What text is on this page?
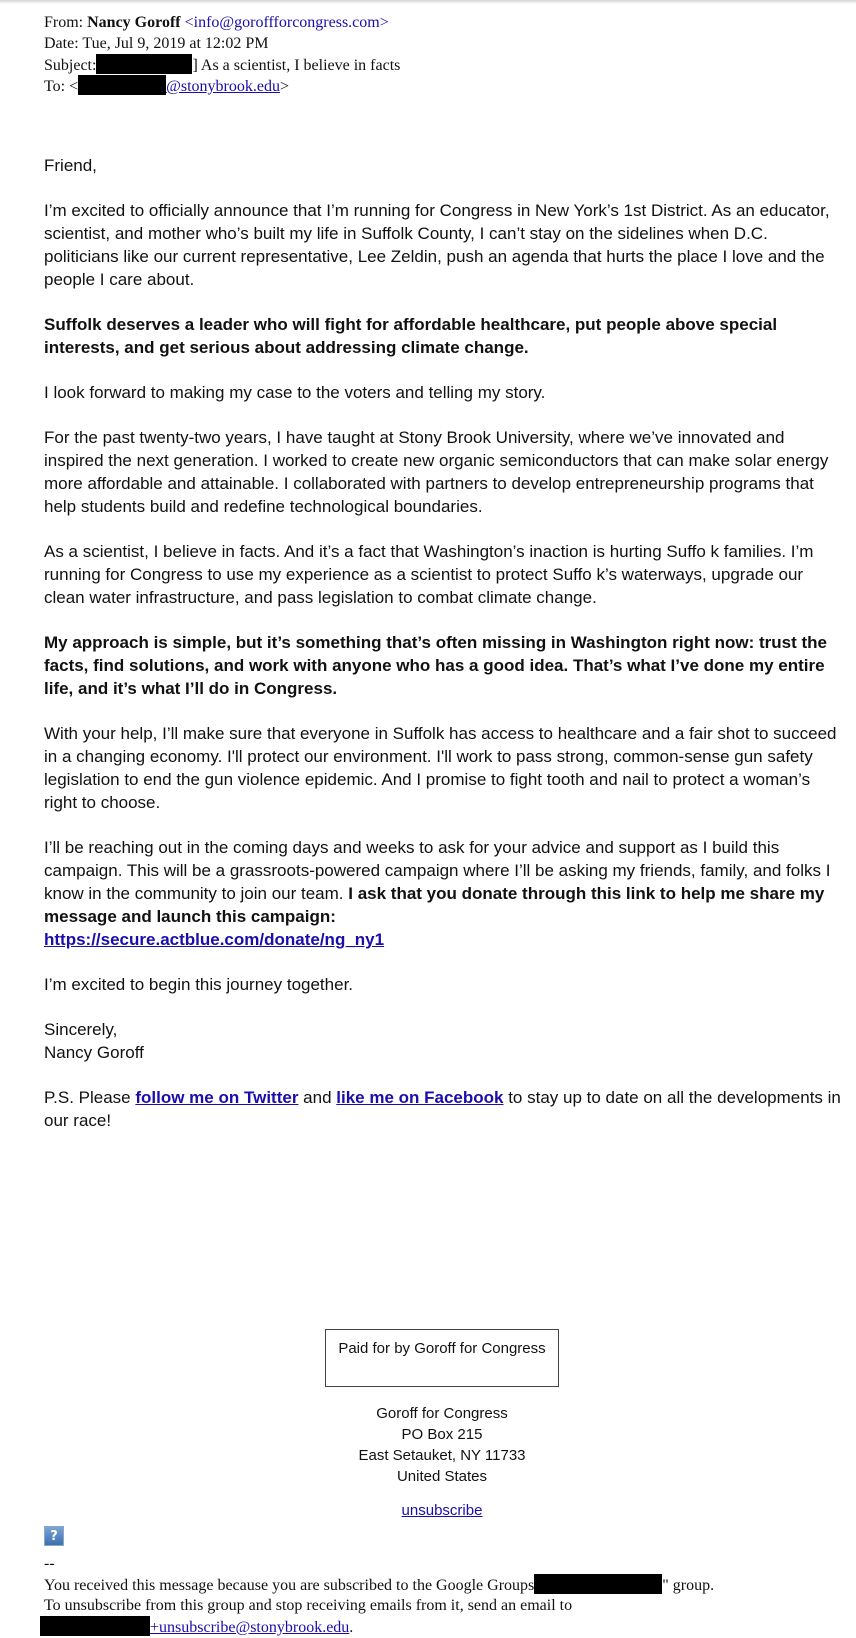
From: Nancy Goroff <info@goroffforcongress.com>
Date: Tue, Jul 9, 2019 at 12:02 PM
Subject:	] As a scientist, I believe in facts
To: <	@stonybrook.edu>

Friend,

I’m excited to officially announce that I’m running for Congress in New York’s 1st District. As an educator, scientist, and mother who’s built my life in Suffolk County, I can’t stay on the sidelines when D.C. politicians like our current representative, Lee Zeldin, push an agenda that hurts the place I love and the people I care about.

Suffolk deserves a leader who will fight for affordable healthcare, put people above special interests, and get serious about addressing climate change.

I look forward to making my case to the voters and telling my story.

For the past twenty-two years, I have taught at Stony Brook University, where we’ve innovated and inspired the next generation. I worked to create new organic semiconductors that can make solar energy more affordable and attainable. I collaborated with partners to develop entrepreneurship programs that help students build and redefine technological boundaries.

As a scientist, I believe in facts. And it’s a fact that Washington’s inaction is hurting Suffo k families. I’m running for Congress to use my experience as a scientist to protect Suffo k’s waterways, upgrade our clean water infrastructure, and pass legislation to combat climate change.

My approach is simple, but it’s something that’s often missing in Washington right now: trust the facts, find solutions, and work with anyone who has a good idea. That’s what I’ve done my entire life, and it’s what I’ll do in Congress.

With your help, I’ll make sure that everyone in Suffolk has access to healthcare and a fair shot to succeed in a changing economy. I'll protect our environment. I'll work to pass strong, common-sense gun safety legislation to end the gun violence epidemic. And I promise to fight tooth and nail to protect a woman’s right to choose.

I’ll be reaching out in the coming days and weeks to ask for your advice and support as I build this campaign. This will be a grassroots-powered campaign where I’ll be asking my friends, family, and folks I know in the community to join our team. I ask that you donate through this link to help me share my message and launch this campaign:
https://secure.actblue.com/donate/ng_ny1

I’m excited to begin this journey together.

Sincerely,
Nancy Goroff

P.S. Please follow me on Twitter and like me on Facebook to stay up to date on all the developments in our race!

Paid for by Goroff for Congress
Goroff for Congress
PO Box 215
East Setauket, NY 11733
United States
unsubscribe
?
--
You received this message because you are subscribed to the Google Groups	" group.
To unsubscribe from this group and stop receiving emails from it, send an email to
+unsubscribe@stonybrook.edu.
